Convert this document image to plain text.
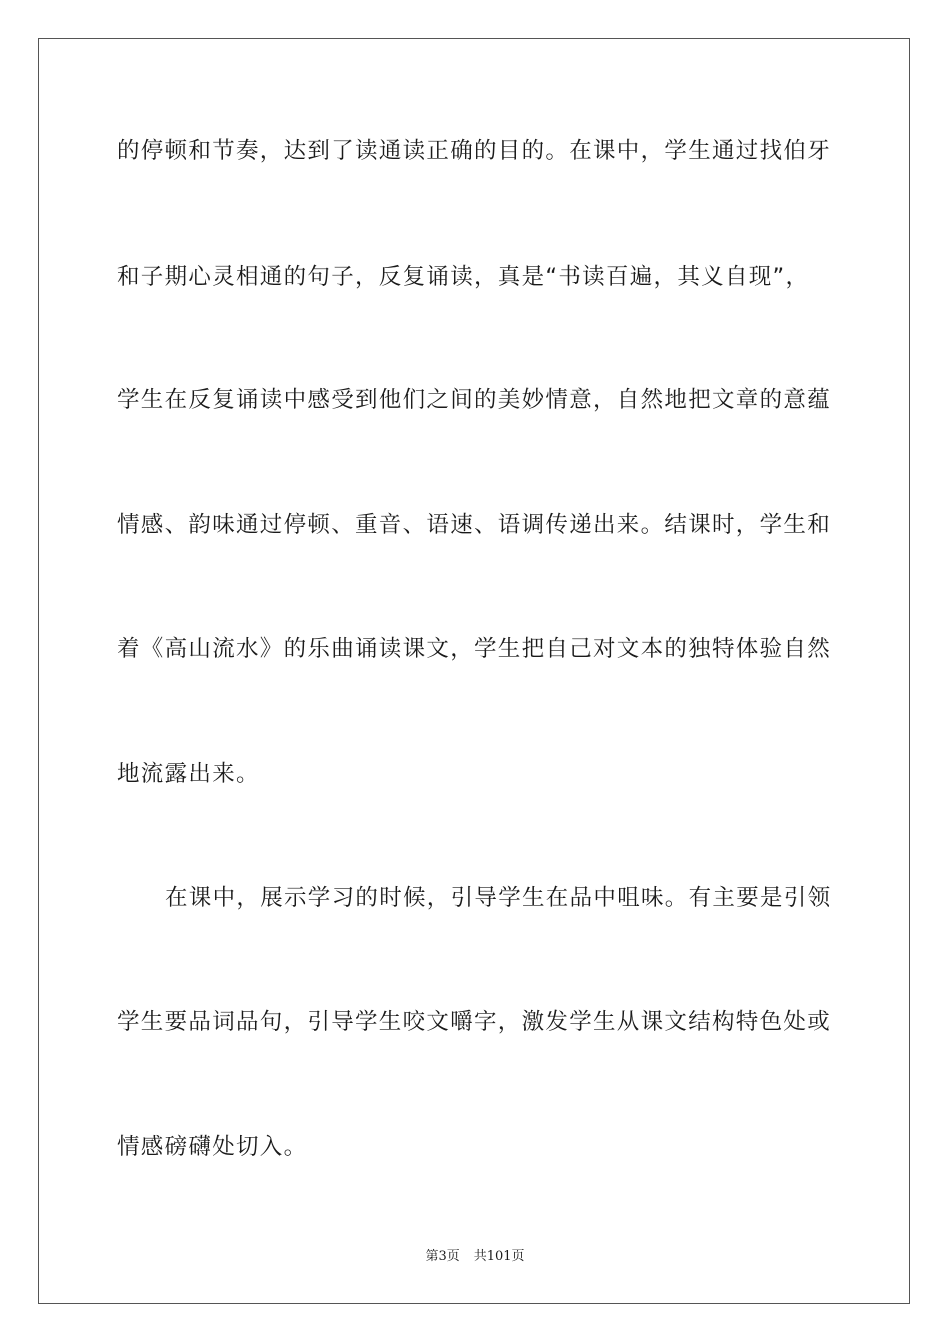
的停顿和节奏，达到了读通读正确的目的。在课中，学生通过找伯牙
和子期心灵相通的句子，反复诵读，真是“书读百遍，其义自现”，
学生在反复诵读中感受到他们之间的美妙情意，自然地把文章的意蕴
情感、韵味通过停顿、重音、语速、语调传递出来。结课时，学生和
着《高山流水》的乐曲诵读课文，学生把自己对文本的独特体验自然
地流露出来。
在课中，展示学习的时候，引导学生在品中咀味。有主要是引领
学生要品词品句，引导学生咬文嚼字，激发学生从课文结构特色处或
情感磅礴处切入。
第3页 共101页
